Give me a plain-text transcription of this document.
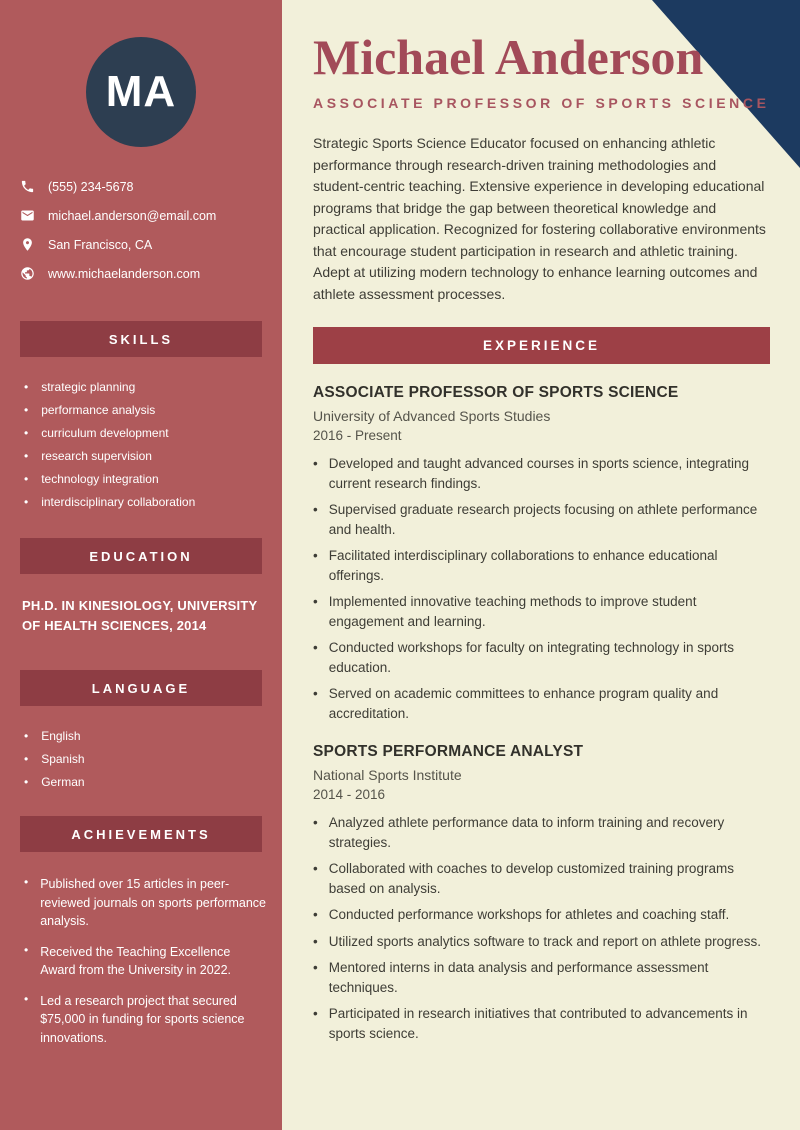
MA
(555) 234-5678
michael.anderson@email.com
San Francisco, CA
www.michaelanderson.com
SKILLS
• strategic planning
• performance analysis
• curriculum development
• research supervision
• technology integration
• interdisciplinary collaboration
EDUCATION
PH.D. IN KINESIOLOGY, UNIVERSITY OF HEALTH SCIENCES, 2014
LANGUAGE
• English
• Spanish
• German
ACHIEVEMENTS
• Published over 15 articles in peer-reviewed journals on sports performance analysis.
• Received the Teaching Excellence Award from the University in 2022.
• Led a research project that secured $75,000 in funding for sports science innovations.
Michael Anderson
ASSOCIATE PROFESSOR OF SPORTS SCIENCE

Strategic Sports Science Educator focused on enhancing athletic performance through research-driven training methodologies and student-centric teaching. Extensive experience in developing educational programs that bridge the gap between theoretical knowledge and practical application. Recognized for fostering collaborative environments that encourage student participation in research and athletic training. Adept at utilizing modern technology to enhance learning outcomes and athlete assessment processes.

EXPERIENCE
ASSOCIATE PROFESSOR OF SPORTS SCIENCE
University of Advanced Sports Studies
2016 - Present
• Developed and taught advanced courses in sports science, integrating current research findings.
• Supervised graduate research projects focusing on athlete performance and health.
• Facilitated interdisciplinary collaborations to enhance educational offerings.
• Implemented innovative teaching methods to improve student engagement and learning.
• Conducted workshops for faculty on integrating technology in sports education.
• Served on academic committees to enhance program quality and accreditation.
SPORTS PERFORMANCE ANALYST
National Sports Institute
2014 - 2016
• Analyzed athlete performance data to inform training and recovery strategies.
• Collaborated with coaches to develop customized training programs based on analysis.
• Conducted performance workshops for athletes and coaching staff.
• Utilized sports analytics software to track and report on athlete progress.
• Mentored interns in data analysis and performance assessment techniques.
• Participated in research initiatives that contributed to advancements in sports science.
